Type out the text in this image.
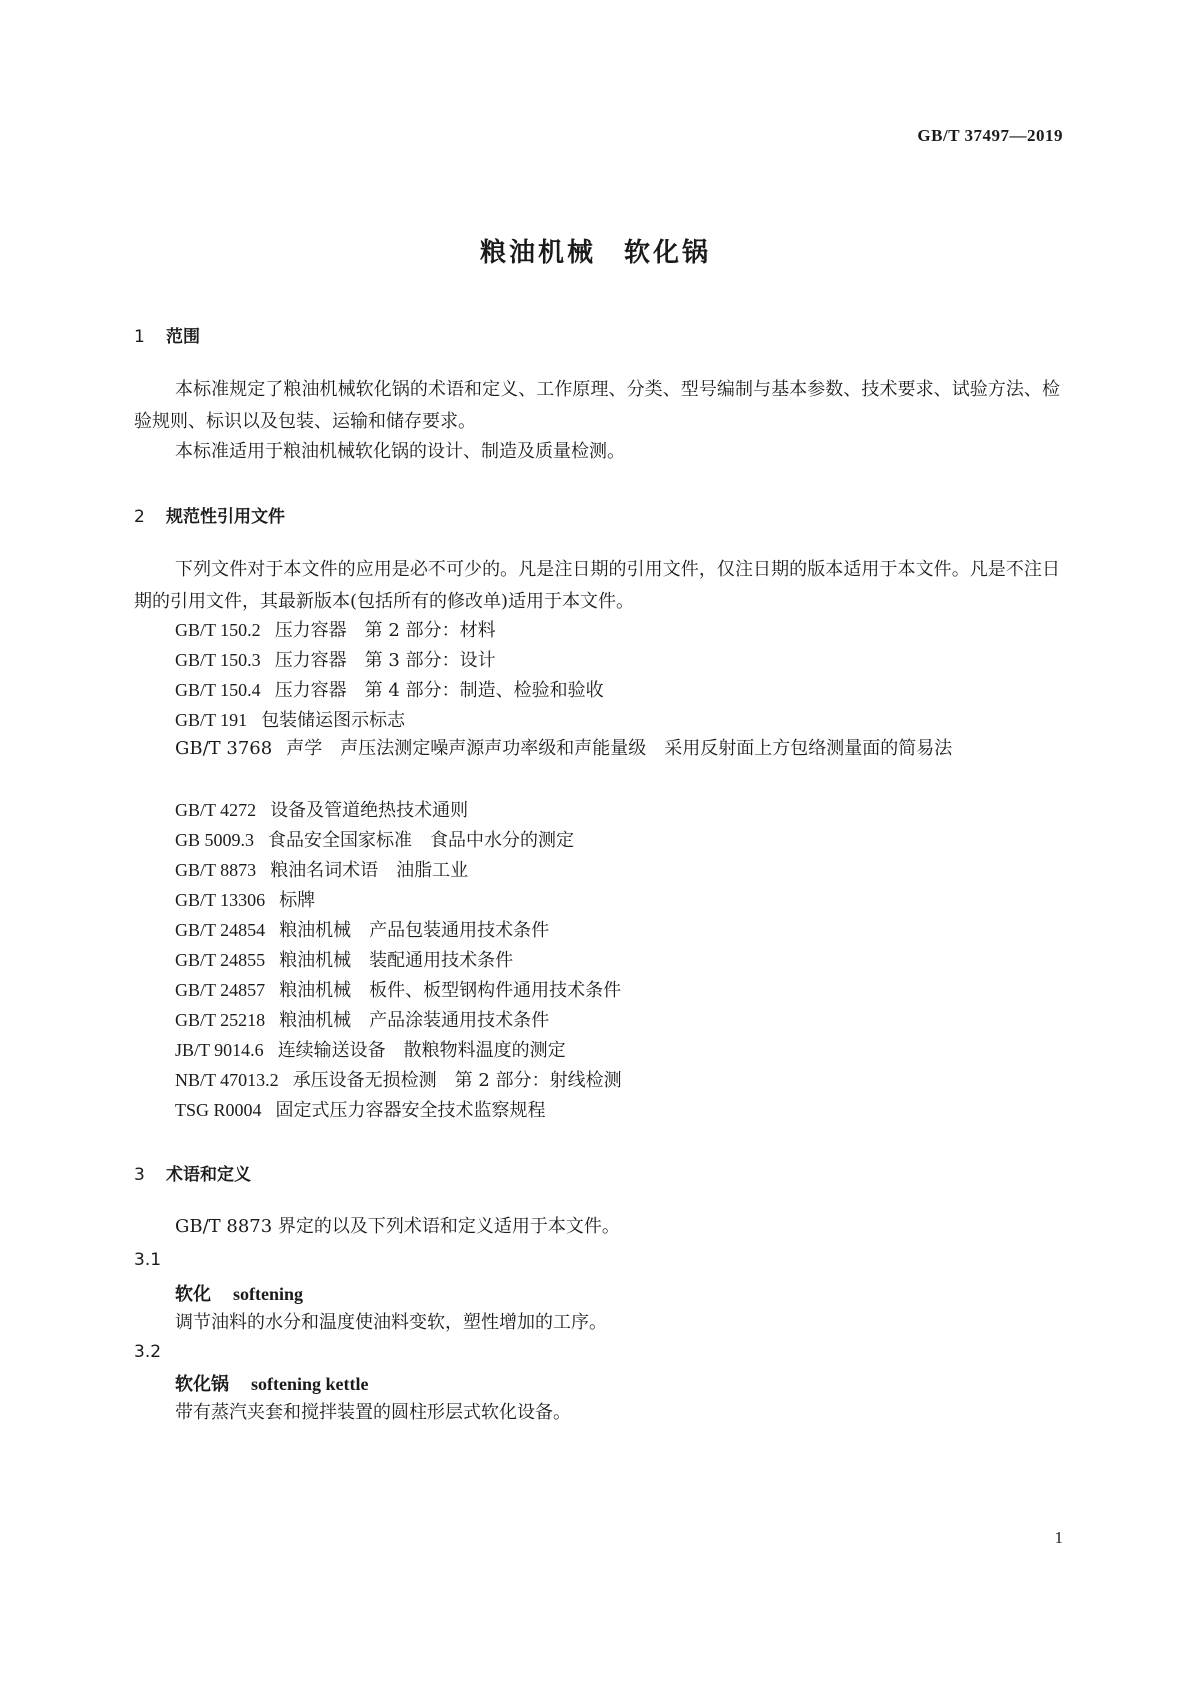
GB/T 37497—2019
粮油机械 软化锅
1 范围
本标准规定了粮油机械软化锅的术语和定义、工作原理、分类、型号编制与基本参数、技术要求、试验方法、检验规则、标识以及包装、运输和储存要求。
本标准适用于粮油机械软化锅的设计、制造及质量检测。
2 规范性引用文件
下列文件对于本文件的应用是必不可少的。凡是注日期的引用文件，仅注日期的版本适用于本文件。凡是不注日期的引用文件，其最新版本(包括所有的修改单)适用于本文件。
GB/T 150.2 压力容器　第 2 部分：材料
GB/T 150.3 压力容器　第 3 部分：设计
GB/T 150.4 压力容器　第 4 部分：制造、检验和验收
GB/T 191 包装储运图示标志
GB/T 3768 声学　声压法测定噪声源声功率级和声能量级　采用反射面上方包络测量面的简易法
GB/T 4272 设备及管道绝热技术通则
GB 5009.3 食品安全国家标准　食品中水分的测定
GB/T 8873 粮油名词术语　油脂工业
GB/T 13306 标牌
GB/T 24854 粮油机械　产品包装通用技术条件
GB/T 24855 粮油机械　装配通用技术条件
GB/T 24857 粮油机械　板件、板型钢构件通用技术条件
GB/T 25218 粮油机械　产品涂装通用技术条件
JB/T 9014.6 连续输送设备　散粮物料温度的测定
NB/T 47013.2 承压设备无损检测　第 2 部分：射线检测
TSG R0004 固定式压力容器安全技术监察规程
3 术语和定义
GB/T 8873 界定的以及下列术语和定义适用于本文件。
3.1
软化 softening
调节油料的水分和温度使油料变软，塑性增加的工序。
3.2
软化锅 softening kettle
带有蒸汽夹套和搅拌装置的圆柱形层式软化设备。
1
